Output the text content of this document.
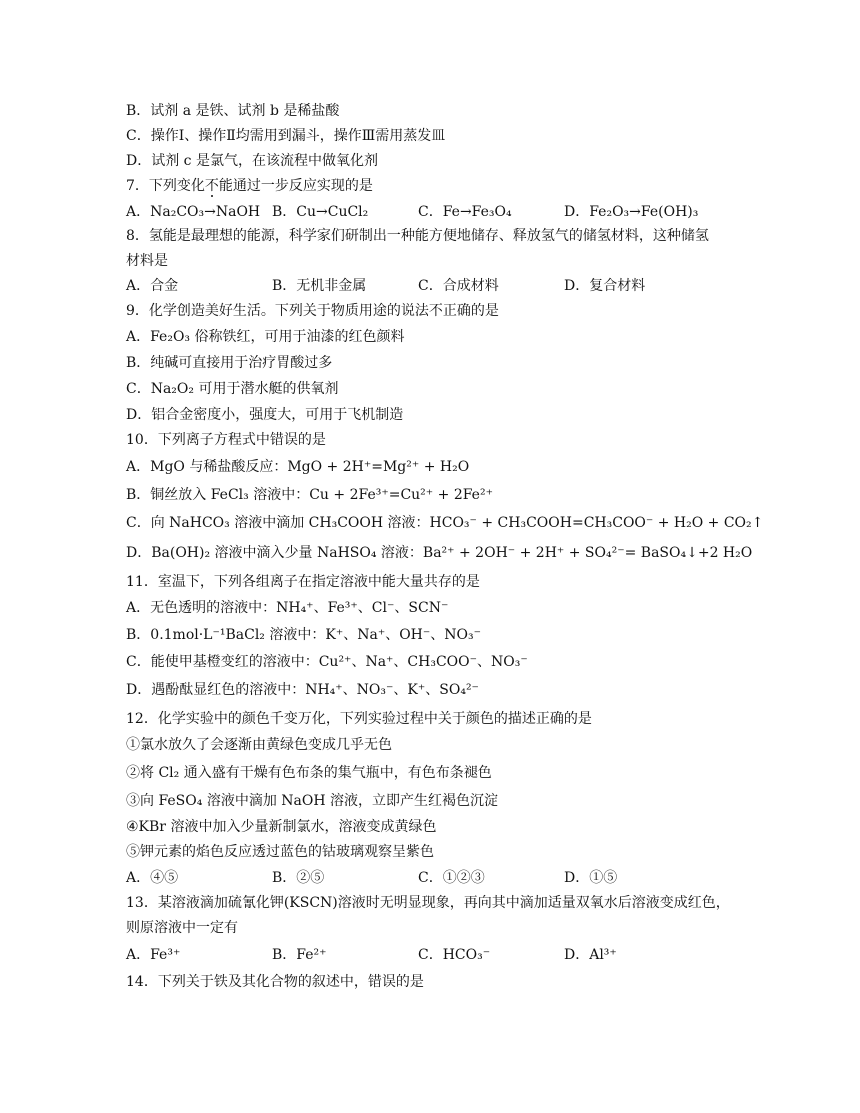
B．试剂 a 是铁、试剂 b 是稀盐酸
C．操作Ⅰ、操作Ⅱ均需用到漏斗，操作Ⅲ需用蒸发皿
D．试剂 c 是氯气，在该流程中做氧化剂
7．下列变化不能通过一步反应实现的是
A．Na₂CO₃→NaOH B．Cu→CuCl₂	C．Fe→Fe₃O₄	D．Fe₂O₃→Fe(OH)₃
8．氢能是最理想的能源，科学家们研制出一种能方便地储存、释放氢气的储氢材料，这种储氢
材料是
A．合金	B．无机非金属	C．合成材料	D．复合材料
9．化学创造美好生活。下列关于物质用途的说法不正确的是
A．Fe₂O₃ 俗称铁红，可用于油漆的红色颜料
B．纯碱可直接用于治疗胃酸过多
C．Na₂O₂ 可用于潜水艇的供氧剂
D．铝合金密度小，强度大，可用于飞机制造
10．下列离子方程式中错误的是
A．MgO 与稀盐酸反应：MgO + 2H⁺=Mg²⁺ + H₂O
B．铜丝放入 FeCl₃ 溶液中：Cu + 2Fe³⁺=Cu²⁺ + 2Fe²⁺
C．向 NaHCO₃ 溶液中滴加 CH₃COOH 溶液：HCO₃⁻ + CH₃COOH=CH₃COO⁻ + H₂O + CO₂↑
D．Ba(OH)₂ 溶液中滴入少量 NaHSO₄ 溶液：Ba²⁺ + 2OH⁻ + 2H⁺ + SO₄²⁻= BaSO₄↓+2 H₂O
11．室温下，下列各组离子在指定溶液中能大量共存的是
A．无色透明的溶液中：NH₄⁺、Fe³⁺、Cl⁻、SCN⁻
B．0.1mol·L⁻¹BaCl₂ 溶液中：K⁺、Na⁺、OH⁻、NO₃⁻
C．能使甲基橙变红的溶液中：Cu²⁺、Na⁺、CH₃COO⁻、NO₃⁻
D．遇酚酞显红色的溶液中：NH₄⁺、NO₃⁻、K⁺、SO₄²⁻
12．化学实验中的颜色千变万化，下列实验过程中关于颜色的描述正确的是
①氯水放久了会逐渐由黄绿色变成几乎无色
②将 Cl₂ 通入盛有干燥有色布条的集气瓶中，有色布条褪色
③向 FeSO₄ 溶液中滴加 NaOH 溶液，立即产生红褐色沉淀
④KBr 溶液中加入少量新制氯水，溶液变成黄绿色
⑤钾元素的焰色反应透过蓝色的钴玻璃观察呈紫色
A．④⑤	B．②⑤	C．①②③	D．①⑤
13．某溶液滴加硫氰化钾(KSCN)溶液时无明显现象，再向其中滴加适量双氧水后溶液变成红色，
则原溶液中一定有
A．Fe³⁺	B．Fe²⁺	C．HCO₃⁻	D．Al³⁺
14．下列关于铁及其化合物的叙述中，错误的是
